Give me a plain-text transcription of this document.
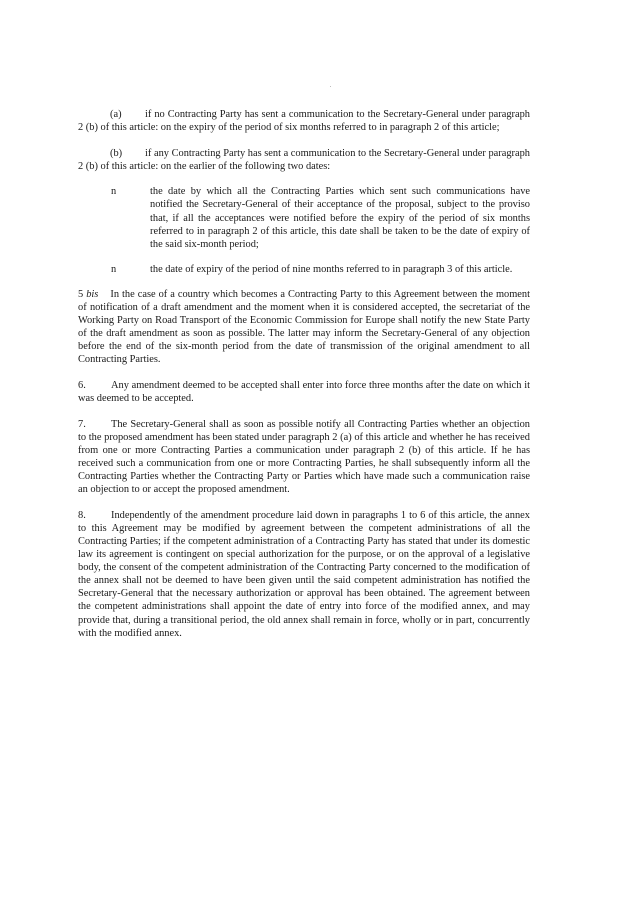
(a) if no Contracting Party has sent a communication to the Secretary-General under paragraph 2 (b) of this article: on the expiry of the period of six months referred to in paragraph 2 of this article;

(b) if any Contracting Party has sent a communication to the Secretary-General under paragraph 2 (b) of this article: on the earlier of the following two dates:

n	the date by which all the Contracting Parties which sent such communications have notified the Secretary-General of their acceptance of the proposal, subject to the proviso that, if all the acceptances were notified before the expiry of the period of six months referred to in paragraph 2 of this article, this date shall be taken to be the date of expiry of the said six-month period;
n	the date of expiry of the period of nine months referred to in paragraph 3 of this article.

5 bis In the case of a country which becomes a Contracting Party to this Agreement between the moment of notification of a draft amendment and the moment when it is considered accepted, the secretariat of the Working Party on Road Transport of the Economic Commission for Europe shall notify the new State Party of the draft amendment as soon as possible. The latter may inform the Secretary-General of any objection before the end of the six-month period from the date of transmission of the original amendment to all Contracting Parties.

6. Any amendment deemed to be accepted shall enter into force three months after the date on which it was deemed to be accepted.

7. The Secretary-General shall as soon as possible notify all Contracting Parties whether an objection to the proposed amendment has been stated under paragraph 2 (a) of this article and whether he has received from one or more Contracting Parties a communication under paragraph 2 (b) of this article. If he has received such a communication from one or more Contracting Parties, he shall subsequently inform all the Contracting Parties whether the Contracting Party or Parties which have made such a communication raise an objection to or accept the proposed amendment.

8. Independently of the amendment procedure laid down in paragraphs 1 to 6 of this article, the annex to this Agreement may be modified by agreement between the competent administrations of all the Contracting Parties; if the competent administration of a Contracting Party has stated that under its domestic law its agreement is contingent on special authorization for the purpose, or on the approval of a legislative body, the consent of the competent administration of the Contracting Party concerned to the modification of the annex shall not be deemed to have been given until the said competent administration has notified the Secretary-General that the necessary authorization or approval has been obtained. The agreement between the competent administrations shall appoint the date of entry into force of the modified annex, and may provide that, during a transitional period, the old annex shall remain in force, wholly or in part, concurrently with the modified annex.
